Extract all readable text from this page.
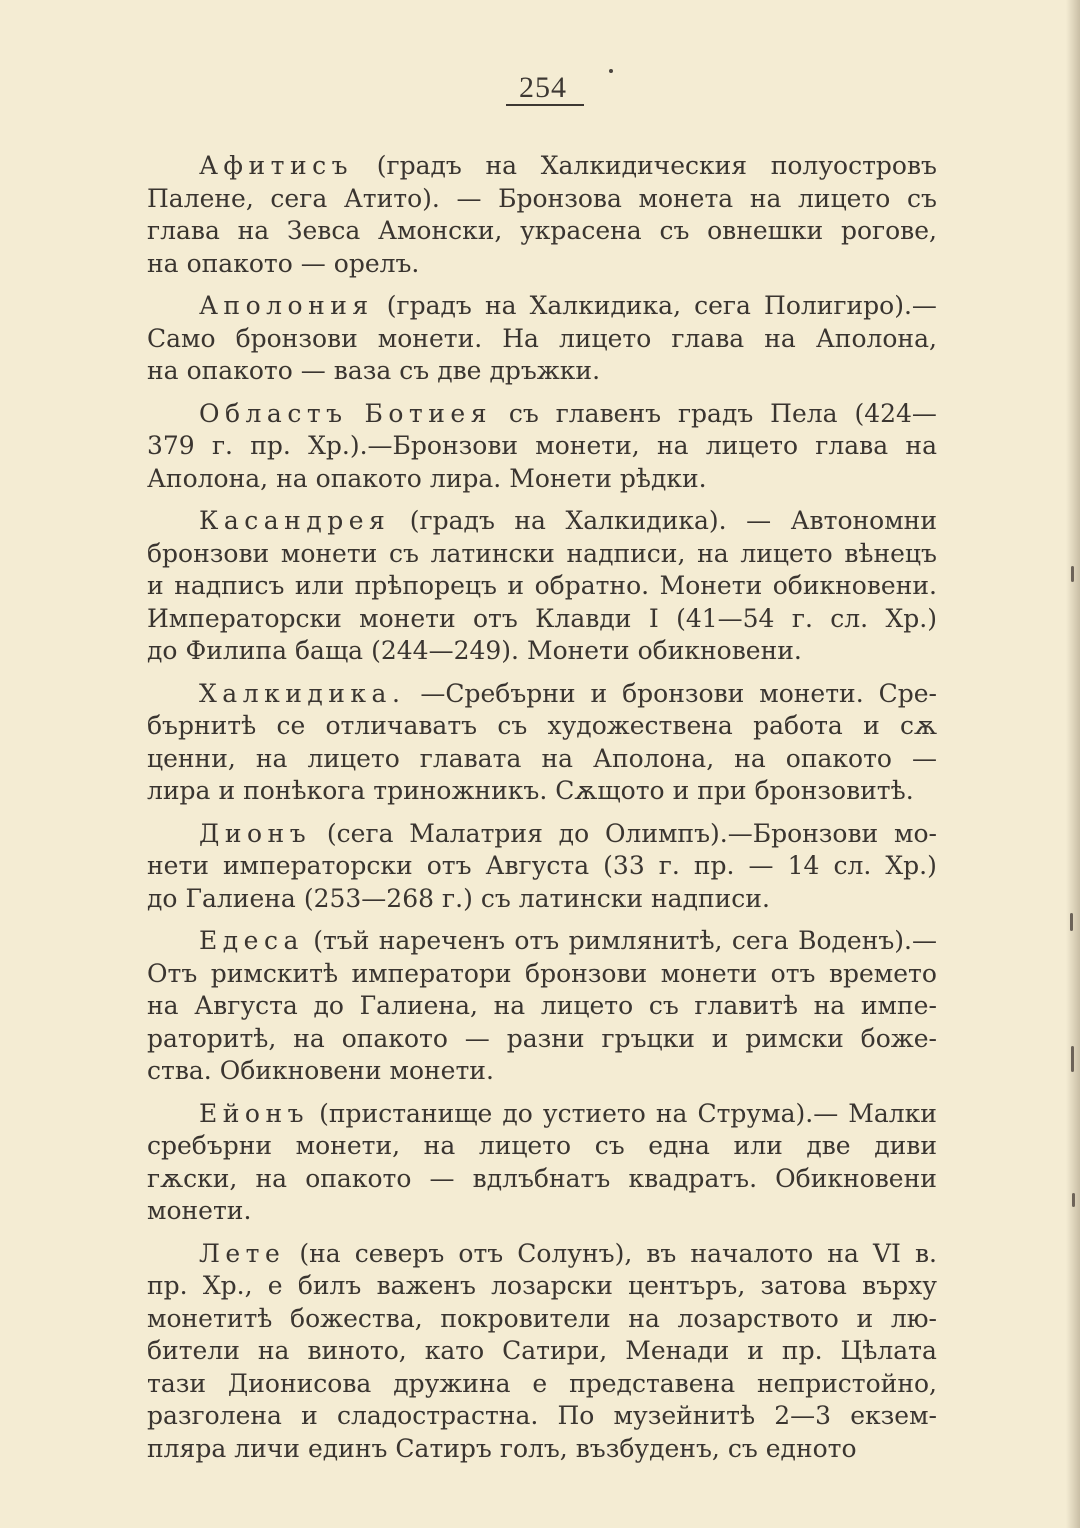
254
Афитисъ (градъ на Халкидическия полуостровъ
Палене, сега Атито). — Бронзова монета на лицето съ
глава на Зевса Амонски, украсена съ овнешки рогове,
на опакото — орелъ.
Аполония (градъ на Халкидика, сега Полигиро).—
Само бронзови монети. На лицето глава на Аполона,
на опакото — ваза съ две дръжки.
Областъ Ботиея съ главенъ градъ Пела (424—
379 г. пр. Хр.).—Бронзови монети, на лицето глава на
Аполона, на опакото лира. Монети рѣдки.
Касандрея (градъ на Халкидика). — Автономни
бронзови монети съ латински надписи, на лицето вѣнецъ
и надписъ или прѣпорецъ и обратно. Монети обикновени.
Императорски монети отъ Клавди I (41—54 г. сл. Хр.)
до Филипа баща (244—249). Монети обикновени.
Халкидика. —Сребърни и бронзови монети. Сре-
бърнитѣ се отличаватъ съ художествена работа и сѫ
ценни, на лицето главата на Аполона, на опакото —
лира и понѣкога триножникъ. Сѫщото и при бронзовитѣ.
Дионъ (сега Малатрия до Олимпъ).—Бронзови мо-
нети императорски отъ Августа (33 г. пр. — 14 сл. Хр.)
до Галиена (253—268 г.) съ латински надписи.
Едеса (тъй нареченъ отъ римлянитѣ, сега Воденъ).—
Отъ римскитѣ императори бронзови монети отъ времето
на Августа до Галиена, на лицето съ главитѣ на импе-
раторитѣ, на опакото — разни гръцки и римски боже-
ства. Обикновени монети.
Ейонъ (пристанище до устието на Струма).— Малки
сребърни монети, на лицето съ една или две диви
гѫски, на опакото — вдлъбнатъ квадратъ. Обикновени
монети.
Лете (на северъ отъ Солунъ), въ началото на VI в.
пр. Хр., е билъ важенъ лозарски центъръ, затова върху
монетитѣ божества, покровители на лозарството и лю-
бители на виното, като Сатири, Менади и пр. Цѣлата
тази Дионисова дружина е представена непристойно,
разголена и сладострастна. По музейнитѣ 2—3 екзем-
пляра личи единъ Сатиръ голъ, възбуденъ, съ едното
